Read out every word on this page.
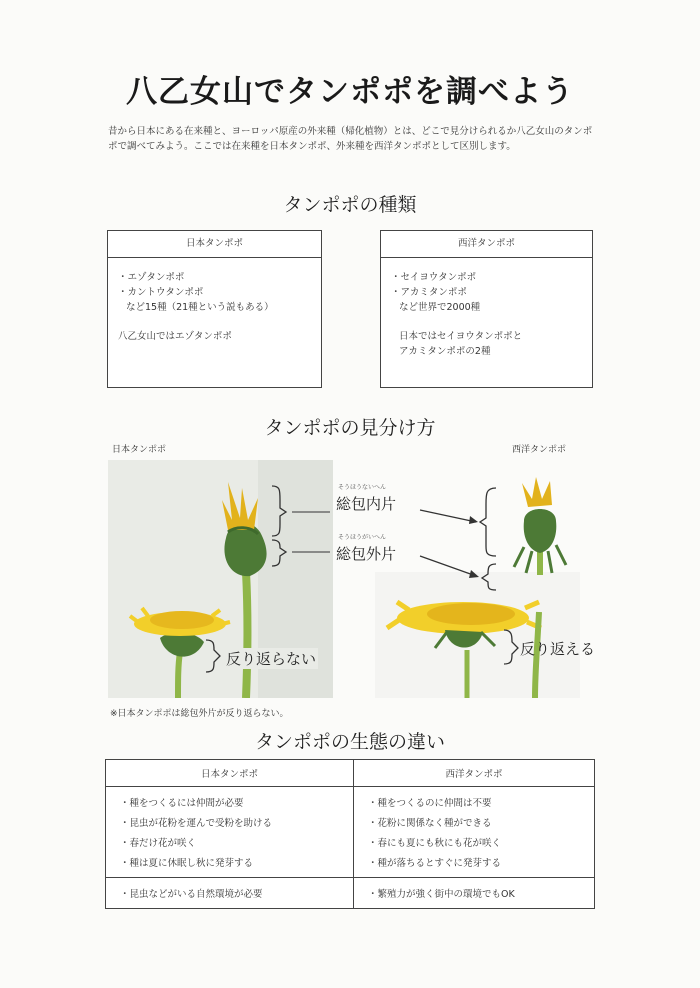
八乙女山でタンポポを調べよう
昔から日本にある在来種と、ヨーロッパ原産の外来種（帰化植物）とは、どこで見分けられるか八乙女山のタンポポで調べてみよう。ここでは在来種を日本タンポポ、外来種を西洋タンポポとして区別します。
タンポポの種類
日本タンポポ
・エゾタンポポ
・カントウタンポポ
など15種（21種という説もある）
八乙女山ではエゾタンポポ
西洋タンポポ
・セイヨウタンポポ
・アカミタンポポ
など世界で2000種
日本ではセイヨウタンポポと
アカミタンポポの2種
タンポポの見分け方
日本タンポポ	西洋タンポポ
そうほうないへん
総包内片
そうほうがいへん
総包外片
反り返らない
反り返える
※日本タンポポは総包外片が反り返らない。
タンポポの生態の違い
日本タンポポ	西洋タンポポ
・種をつくるには仲間が必要	・種をつくるのに仲間は不要
・昆虫が花粉を運んで受粉を助ける	・花粉に関係なく種ができる
・春だけ花が咲く	・春にも夏にも秋にも花が咲く
・種は夏に休眠し秋に発芽する	・種が落ちるとすぐに発芽する
・昆虫などがいる自然環境が必要	・繁殖力が強く街中の環境でもOK
